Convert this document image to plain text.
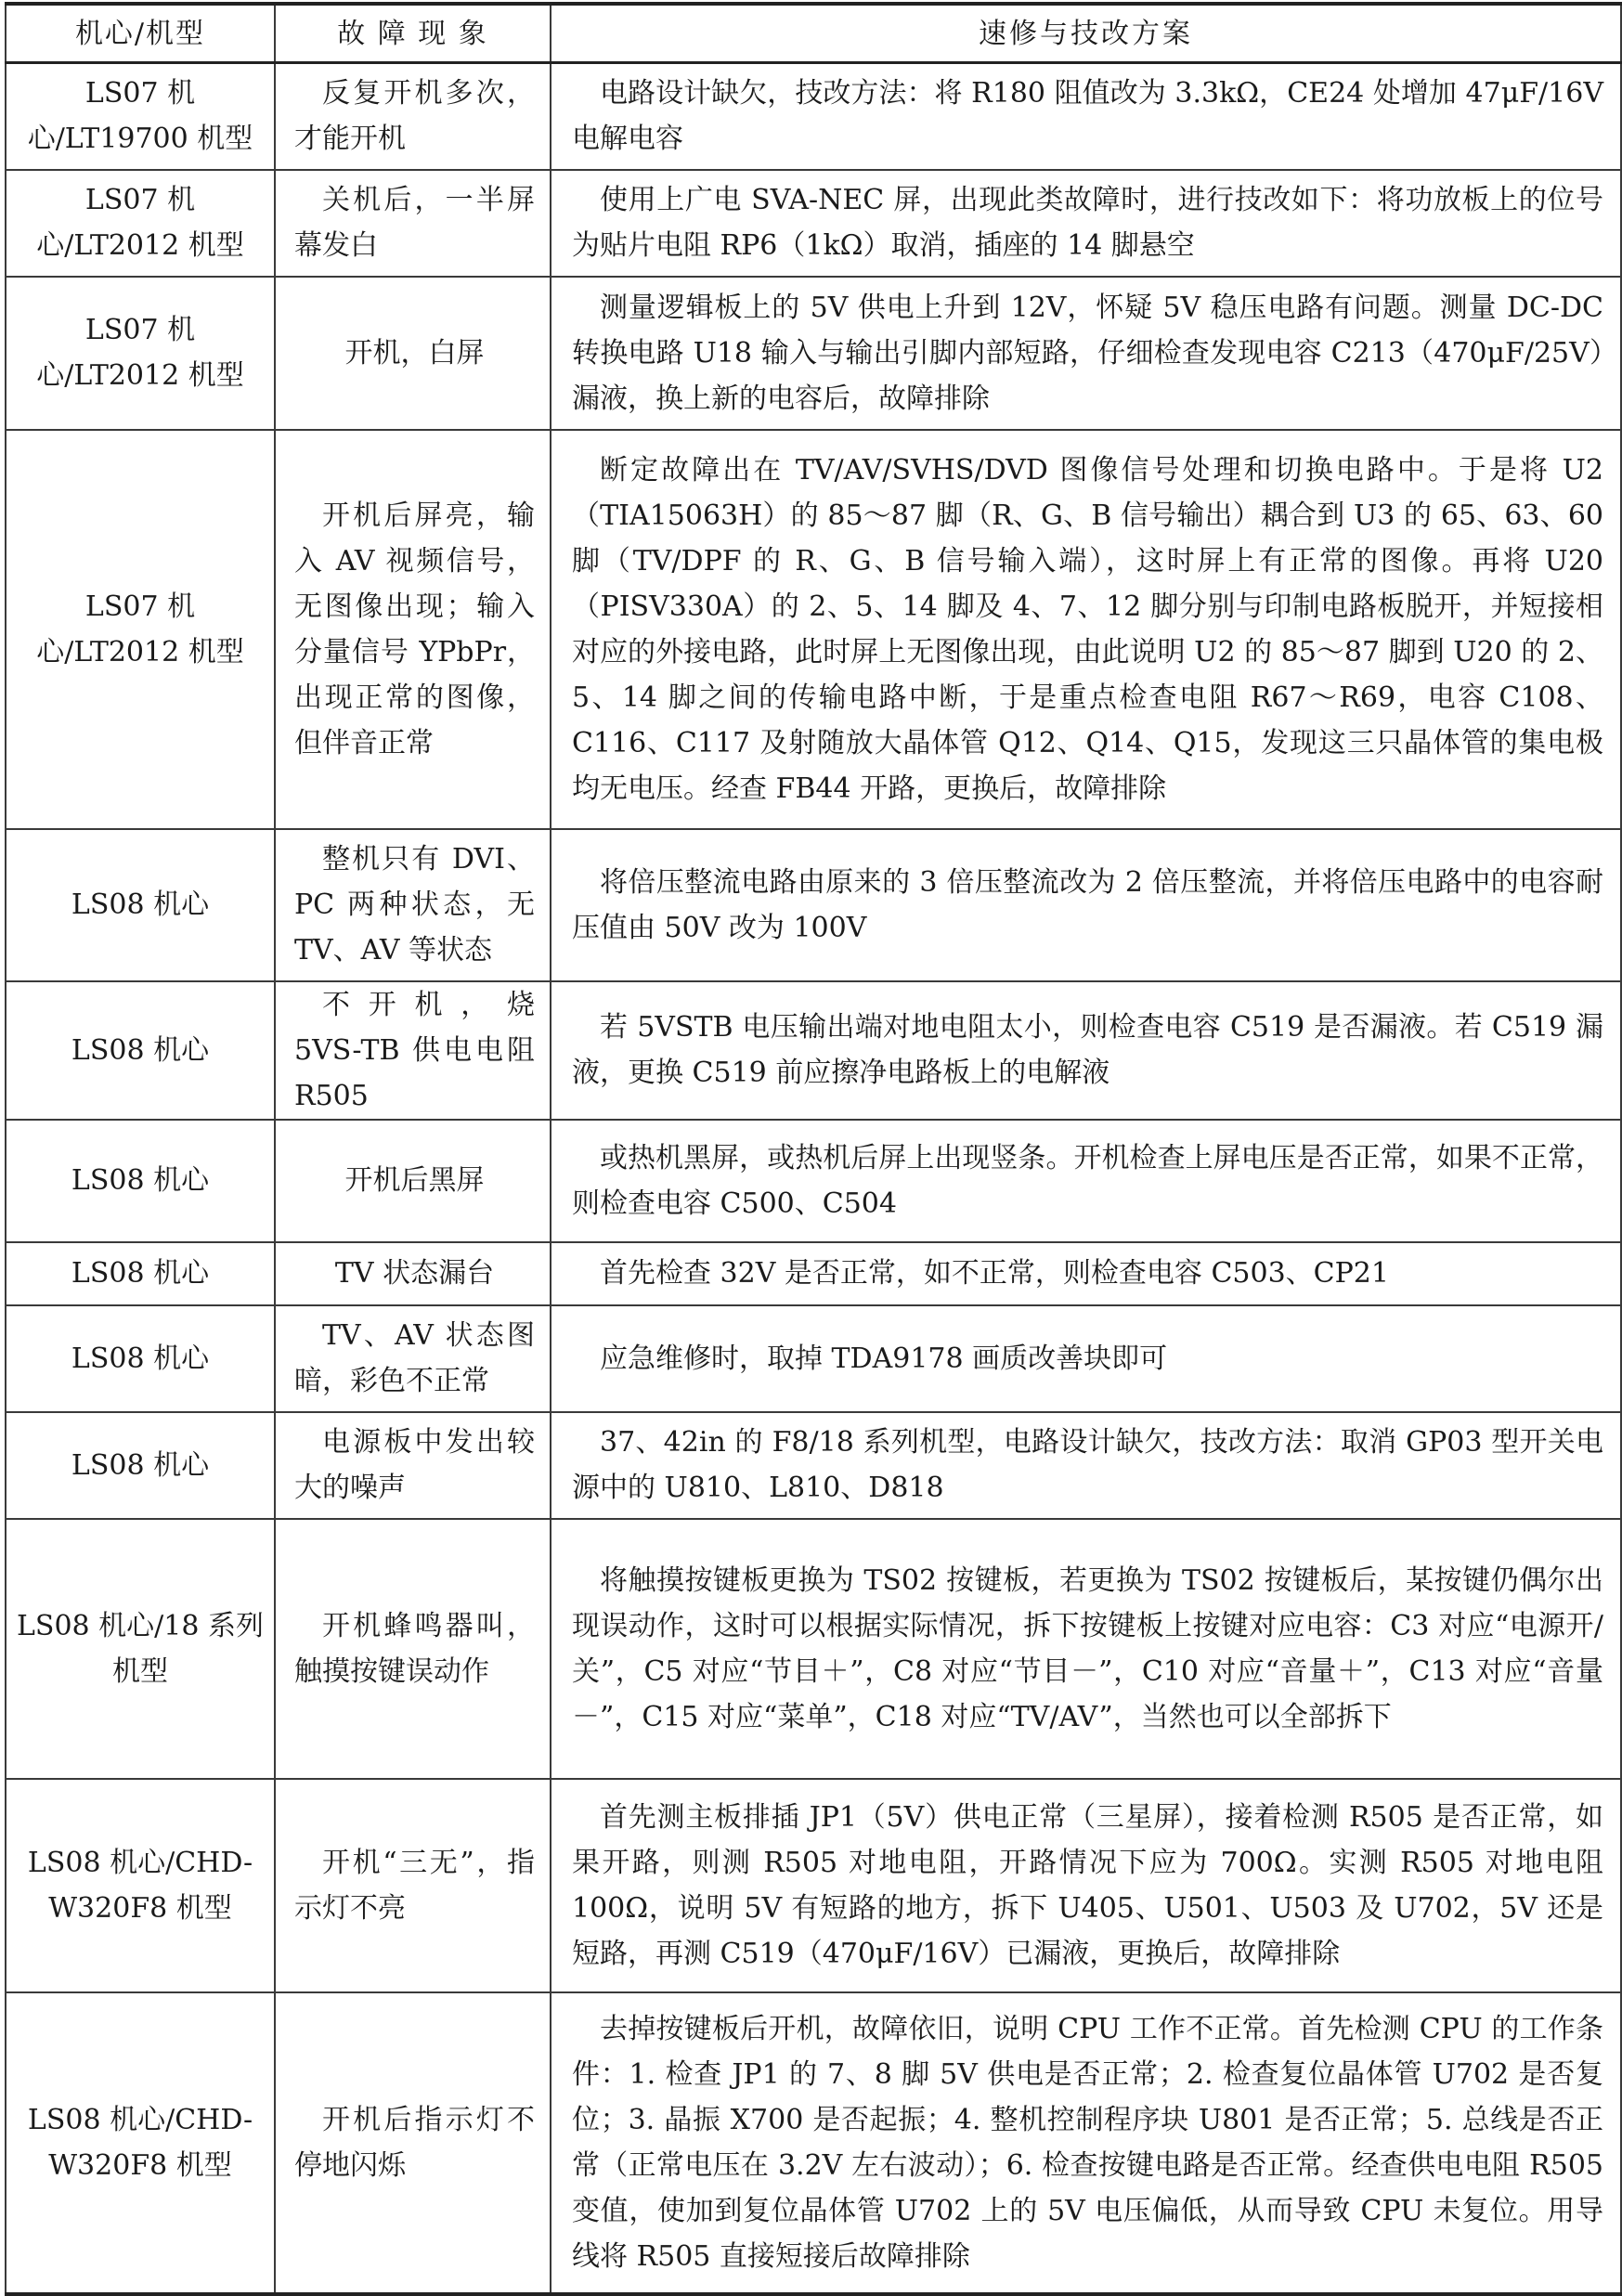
机心/机型	故 障 现 象	速修与技改方案

LS07 机心/LT19700 机型	反复开机多次，才能开机	电路设计缺欠，技改方法：将 R180 阻值改为 3.3kΩ，CE24 处增加 47μF/16V 电解电容

LS07 机心/LT2012 机型	关机后，一半屏幕发白	使用上广电 SVA-NEC 屏，出现此类故障时，进行技改如下：将功放板上的位号为贴片电阻 RP6（1kΩ）取消，插座的 14 脚悬空

LS07 机心/LT2012 机型	开机，白屏	测量逻辑板上的 5V 供电上升到 12V，怀疑 5V 稳压电路有问题。测量 DC-DC 转换电路 U18 输入与输出引脚内部短路，仔细检查发现电容 C213（470μF/25V）漏液，换上新的电容后，故障排除

LS07 机心/LT2012 机型	开机后屏亮，输入 AV 视频信号，无图像出现；输入分量信号 YPbPr，出现正常的图像，但伴音正常	断定故障出在 TV/AV/SVHS/DVD 图像信号处理和切换电路中。于是将 U2（TIA15063H）的 85～87 脚（R、G、B 信号输出）耦合到 U3 的 65、63、60 脚（TV/DPF 的 R、G、B 信号输入端），这时屏上有正常的图像。再将 U20（PISV330A）的 2、5、14 脚及 4、7、12 脚分别与印制电路板脱开，并短接相对应的外接电路，此时屏上无图像出现，由此说明 U2 的 85～87 脚到 U20 的 2、5、14 脚之间的传输电路中断，于是重点检查电阻 R67～R69，电容 C108、C116、C117 及射随放大晶体管 Q12、Q14、Q15，发现这三只晶体管的集电极均无电压。经查 FB44 开路，更换后，故障排除

LS08 机心	整机只有 DVI、PC 两种状态，无 TV、AV 等状态	将倍压整流电路由原来的 3 倍压整流改为 2 倍压整流，并将倍压电路中的电容耐压值由 50V 改为 100V

LS08 机心	不开机，烧 5VS-TB 供电电阻 R505	若 5VSTB 电压输出端对地电阻太小，则检查电容 C519 是否漏液。若 C519 漏液，更换 C519 前应擦净电路板上的电解液

LS08 机心	开机后黑屏	或热机黑屏，或热机后屏上出现竖条。开机检查上屏电压是否正常，如果不正常，则检查电容 C500、C504

LS08 机心	TV 状态漏台	首先检查 32V 是否正常，如不正常，则检查电容 C503、CP21

LS08 机心	TV、AV 状态图暗，彩色不正常	应急维修时，取掉 TDA9178 画质改善块即可

LS08 机心	电源板中发出较大的噪声	37、42in 的 F8/18 系列机型，电路设计缺欠，技改方法：取消 GP03 型开关电源中的 U810、L810、D818

LS08 机心/18 系列机型	开机蜂鸣器叫，触摸按键误动作	将触摸按键板更换为 TS02 按键板，若更换为 TS02 按键板后，某按键仍偶尔出现误动作，这时可以根据实际情况，拆下按键板上按键对应电容：C3 对应“电源开/关”，C5 对应“节目＋”，C8 对应“节目－”，C10 对应“音量＋”，C13 对应“音量－”，C15 对应“菜单”，C18 对应“TV/AV”，当然也可以全部拆下

LS08 机心/CHD-W320F8 机型	开机“三无”，指示灯不亮	首先测主板排插 JP1（5V）供电正常（三星屏），接着检测 R505 是否正常，如果开路，则测 R505 对地电阻，开路情况下应为 700Ω。实测 R505 对地电阻 100Ω，说明 5V 有短路的地方，拆下 U405、U501、U503 及 U702，5V 还是短路，再测 C519（470μF/16V）已漏液，更换后，故障排除

LS08 机心/CHD-W320F8 机型	开机后指示灯不停地闪烁	去掉按键板后开机，故障依旧，说明 CPU 工作不正常。首先检测 CPU 的工作条件：1. 检查 JP1 的 7、8 脚 5V 供电是否正常；2. 检查复位晶体管 U702 是否复位；3. 晶振 X700 是否起振；4. 整机控制程序块 U801 是否正常；5. 总线是否正常（正常电压在 3.2V 左右波动）；6. 检查按键电路是否正常。经查供电电阻 R505 变值，使加到复位晶体管 U702 上的 5V 电压偏低，从而导致 CPU 未复位。用导线将 R505 直接短接后故障排除
